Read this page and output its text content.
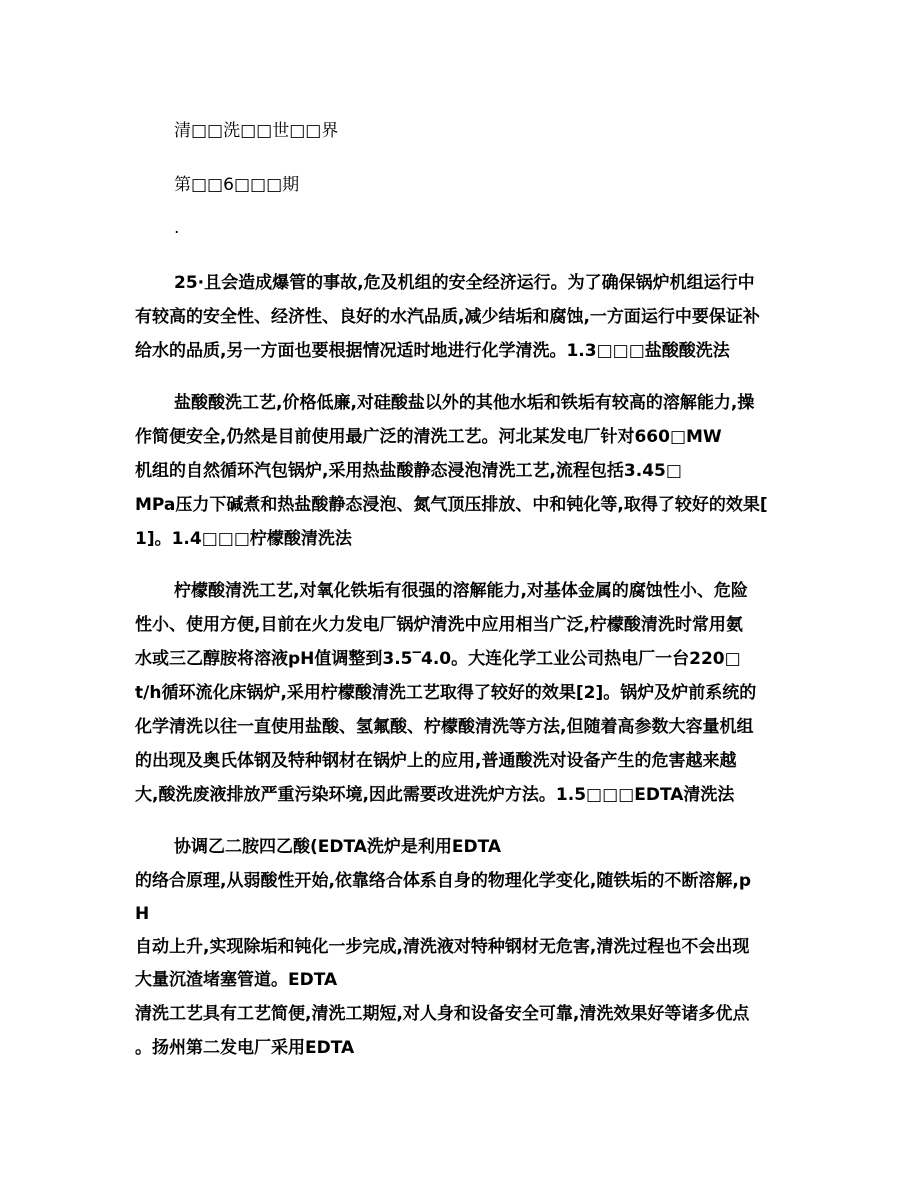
清□□洗□□世□□界
第□□6□□□期
·
25·且会造成爆管的事故,危及机组的安全经济运行。为了确保锅炉机组运行中
有较高的安全性、经济性、良好的水汽品质,减少结垢和腐蚀,一方面运行中要保证补
给水的品质,另一方面也要根据情况适时地进行化学清洗。1.3□□□盐酸酸洗法
盐酸酸洗工艺,价格低廉,对硅酸盐以外的其他水垢和铁垢有较高的溶解能力,操
作简便安全,仍然是目前使用最广泛的清洗工艺。河北某发电厂针对660□MW
机组的自然循环汽包锅炉,采用热盐酸静态浸泡清洗工艺,流程包括3.45□
MPa压力下碱煮和热盐酸静态浸泡、氮气顶压排放、中和钝化等,取得了较好的效果[
1]。1.4□□□柠檬酸清洗法
柠檬酸清洗工艺,对氧化铁垢有很强的溶解能力,对基体金属的腐蚀性小、危险
性小、使用方便,目前在火力发电厂锅炉清洗中应用相当广泛,柠檬酸清洗时常用氨
水或三乙醇胺将溶液pH值调整到3.5‾4.0。大连化学工业公司热电厂一台220□
t/h循环流化床锅炉,采用柠檬酸清洗工艺取得了较好的效果[2]。锅炉及炉前系统的
化学清洗以往一直使用盐酸、氢氟酸、柠檬酸清洗等方法,但随着高参数大容量机组
的出现及奥氏体钢及特种钢材在锅炉上的应用,普通酸洗对设备产生的危害越来越
大,酸洗废液排放严重污染环境,因此需要改进洗炉方法。1.5□□□EDTA清洗法
协调乙二胺四乙酸(EDTA洗炉是利用EDTA
的络合原理,从弱酸性开始,依靠络合体系自身的物理化学变化,随铁垢的不断溶解,p
H
自动上升,实现除垢和钝化一步完成,清洗液对特种钢材无危害,清洗过程也不会出现
大量沉渣堵塞管道。EDTA
清洗工艺具有工艺简便,清洗工期短,对人身和设备安全可靠,清洗效果好等诸多优点
。扬州第二发电厂采用EDTA
